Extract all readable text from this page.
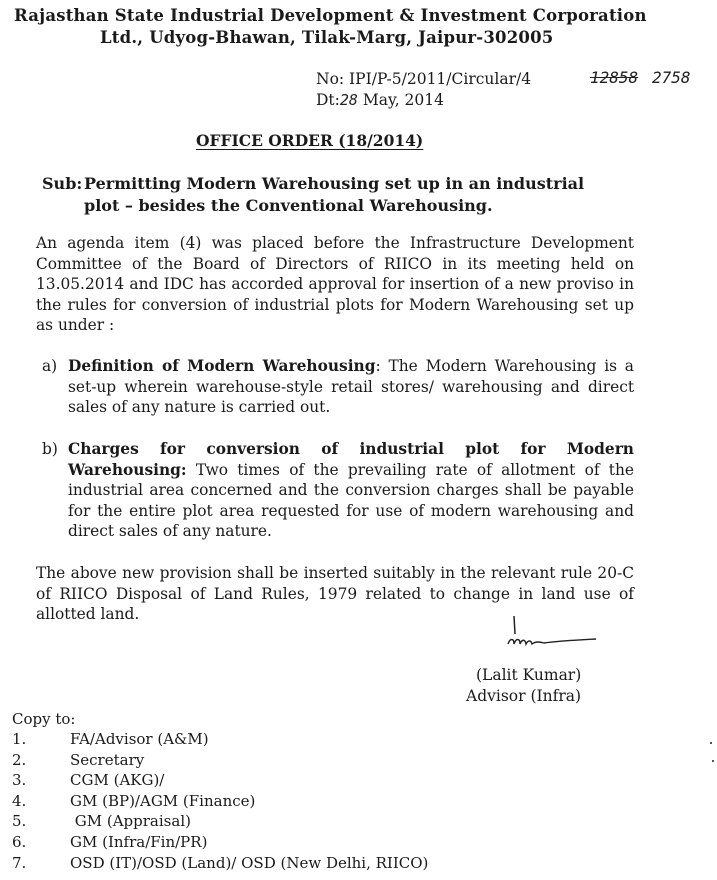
Rajasthan State Industrial Development & Investment Corporation
Ltd., Udyog-Bhawan, Tilak-Marg, Jaipur-302005
No: IPI/P-5/2011/Circular/4	12858 2758
Dt:28 May, 2014
OFFICE ORDER (18/2014)
Sub: Permitting Modern Warehousing set up in an industrial
plot – besides the Conventional Warehousing.

An agenda item (4) was placed before the Infrastructure Development Committee of the Board of Directors of RIICO in its meeting held on 13.05.2014 and IDC has accorded approval for insertion of a new proviso in the rules for conversion of industrial plots for Modern Warehousing set up as under :

a) Definition of Modern Warehousing: The Modern Warehousing is a set-up wherein warehouse-style retail stores/ warehousing and direct sales of any nature is carried out.

b) Charges for conversion of industrial plot for Modern Warehousing: Two times of the prevailing rate of allotment of the industrial area concerned and the conversion charges shall be payable for the entire plot area requested for use of modern warehousing and direct sales of any nature.

The above new provision shall be inserted suitably in the relevant rule 20-C of RIICO Disposal of Land Rules, 1979 related to change in land use of allotted land.

(Lalit Kumar)
Advisor (Infra)
Copy to:
1.	FA/Advisor (A&M)
2.	Secretary
3.	CGM (AKG)/
4.	GM (BP)/AGM (Finance)
5.	GM (Appraisal)
6.	GM (Infra/Fin/PR)
7.	OSD (IT)/OSD (Land)/ OSD (New Delhi, RIICO)
